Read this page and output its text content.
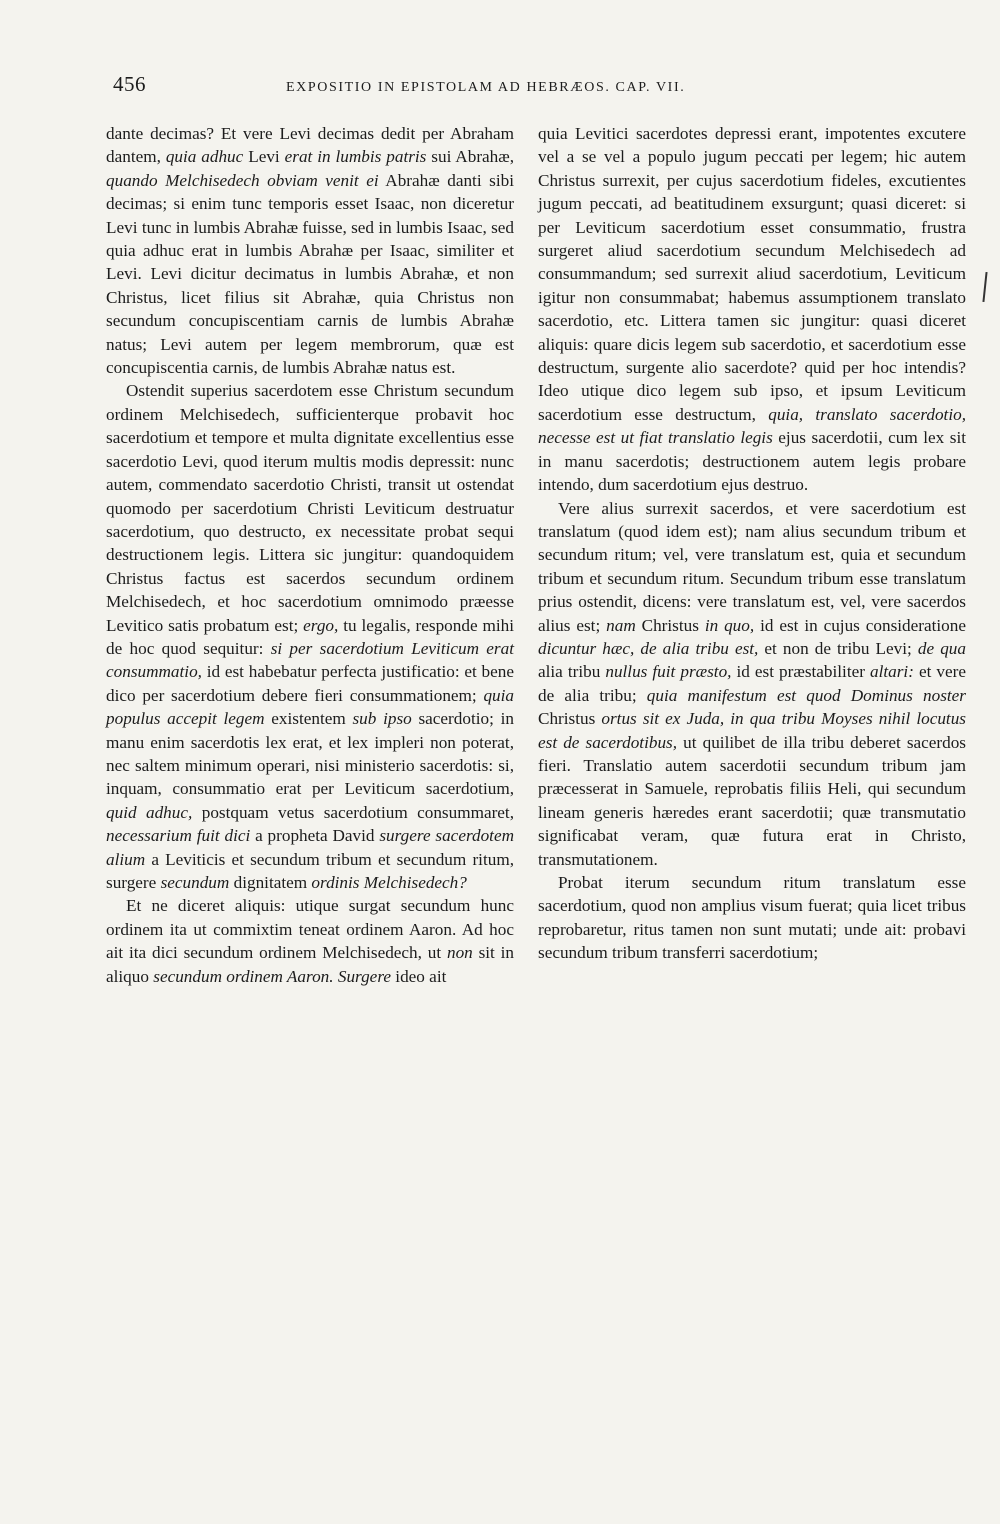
456	EXPOSITIO IN EPISTOLAM AD HEBRÆOS. CAP. VII.

dante decimas? Et vere Levi decimas dedit per Abraham dantem, quia adhuc Levi erat in lumbis patris sui Abrahæ, quando Melchisedech obviam venit ei Abrahæ danti sibi decimas; si enim tunc temporis esset Isaac, non diceretur Levi tunc in lumbis Abrahæ fuisse, sed in lumbis Isaac, sed quia adhuc erat in lumbis Abrahæ per Isaac, similiter et Levi. Levi dicitur decimatus in lumbis Abrahæ, et non Christus, licet filius sit Abrahæ, quia Christus non secundum concupiscentiam carnis de lumbis Abrahæ natus; Levi autem per legem membrorum, quæ est concupiscentia carnis, de lumbis Abrahæ natus est.

Ostendit superius sacerdotem esse Christum secundum ordinem Melchisedech, sufficienterque probavit hoc sacerdotium et tempore et multa dignitate excellentius esse sacerdotio Levi, quod iterum multis modis depressit: nunc autem, commendato sacerdotio Christi, transit ut ostendat quomodo per sacerdotium Christi Leviticum destruatur sacerdotium, quo destructo, ex necessitate probat sequi destructionem legis. Littera sic jungitur: quandoquidem Christus factus est sacerdos secundum ordinem Melchisedech, et hoc sacerdotium omnimodo præesse Levitico satis probatum est; ergo, tu legalis, responde mihi de hoc quod sequitur: si per sacerdotium Leviticum erat consummatio, id est habebatur perfecta justificatio: et bene dico per sacerdotium debere fieri consummationem; quia populus accepit legem existentem sub ipso sacerdotio; in manu enim sacerdotis lex erat, et lex impleri non poterat, nec saltem minimum operari, nisi ministerio sacerdotis: si, inquam, consummatio erat per Leviticum sacerdotium, quid adhuc, postquam vetus sacerdotium consummaret, necessarium fuit dici a propheta David surgere sacerdotem alium a Leviticis et secundum tribum et secundum ritum, surgere secundum dignitatem ordinis Melchisedech?

Et ne diceret aliquis: utique surgat secundum hunc ordinem ita ut commixtim teneat ordinem Aaron. Ad hoc ait ita dici secundum ordinem Melchisedech, ut non sit in aliquo secundum ordinem Aaron. Surgere ideo ait

quia Levitici sacerdotes depressi erant, impotentes excutere vel a se vel a populo jugum peccati per legem; hic autem Christus surrexit, per cujus sacerdotium fideles, excutientes jugum peccati, ad beatitudinem exsurgunt; quasi diceret: si per Leviticum sacerdotium esset consummatio, frustra surgeret aliud sacerdotium secundum Melchisedech ad consummandum; sed surrexit aliud sacerdotium, Leviticum igitur non consummabat; habemus assumptionem translato sacerdotio, etc. Littera tamen sic jungitur: quasi diceret aliquis: quare dicis legem sub sacerdotio, et sacerdotium esse destructum, surgente alio sacerdote? quid per hoc intendis? Ideo utique dico legem sub ipso, et ipsum Leviticum sacerdotium esse destructum, quia, translato sacerdotio, necesse est ut fiat translatio legis ejus sacerdotii, cum lex sit in manu sacerdotis; destructionem autem legis probare intendo, dum sacerdotium ejus destruo.

Vere alius surrexit sacerdos, et vere sacerdotium est translatum (quod idem est); nam alius secundum tribum et secundum ritum; vel, vere translatum est, quia et secundum tribum et secundum ritum. Secundum tribum esse translatum prius ostendit, dicens: vere translatum est, vel, vere sacerdos alius est; nam Christus in quo, id est in cujus consideratione dicuntur hæc, de alia tribu est, et non de tribu Levi; de qua alia tribu nullus fuit præsto, id est præstabiliter altari: et vere de alia tribu; quia manifestum est quod Dominus noster Christus ortus sit ex Juda, in qua tribu Moyses nihil locutus est de sacerdotibus, ut quilibet de illa tribu deberet sacerdos fieri. Translatio autem sacerdotii secundum tribum jam præcesserat in Samuele, reprobatis filiis Heli, qui secundum lineam generis hæredes erant sacerdotii; quæ transmutatio significabat veram, quæ futura erat in Christo, transmutationem.

Probat iterum secundum ritum translatum esse sacerdotium, quod non amplius visum fuerat; quia licet tribus reprobaretur, ritus tamen non sunt mutati; unde ait: probavi secundum tribum transferri sacerdotium;
